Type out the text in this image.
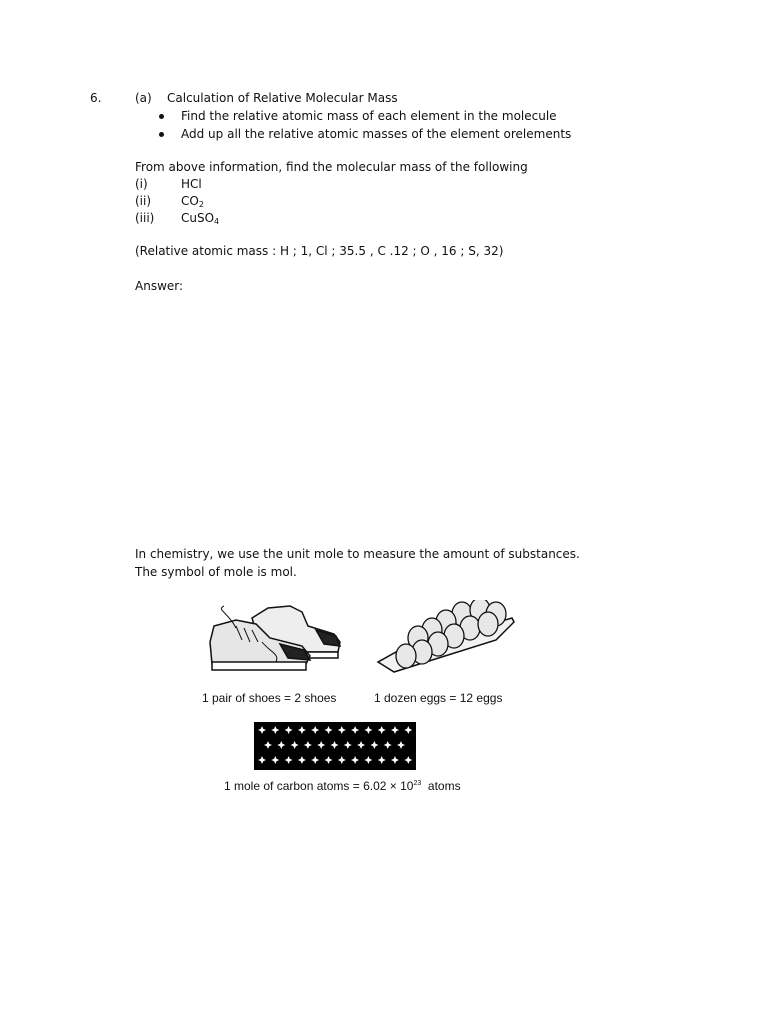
6.	(a) Calculation of Relative Molecular Mass
Find the relative atomic mass of each element in the molecule
Add up all the relative atomic masses of the element orelements
From above information, find the molecular mass of the following
(i)	HCl
(ii) $CO_2$
(iii) CuSO$_4$
(Relative atomic mass : H ; 1, Cl ; 35.5 , C .12 ; O , 16 ; S, 32)
Answer:
In chemistry, we use the unit mole to measure the amount of substances.
The symbol of mole is mol.
1 pair of shoes = 2 shoes	1 dozen eggs = 12 eggs
1 mole of carbon atoms = $6.02 \times 10^{23}$ atoms
